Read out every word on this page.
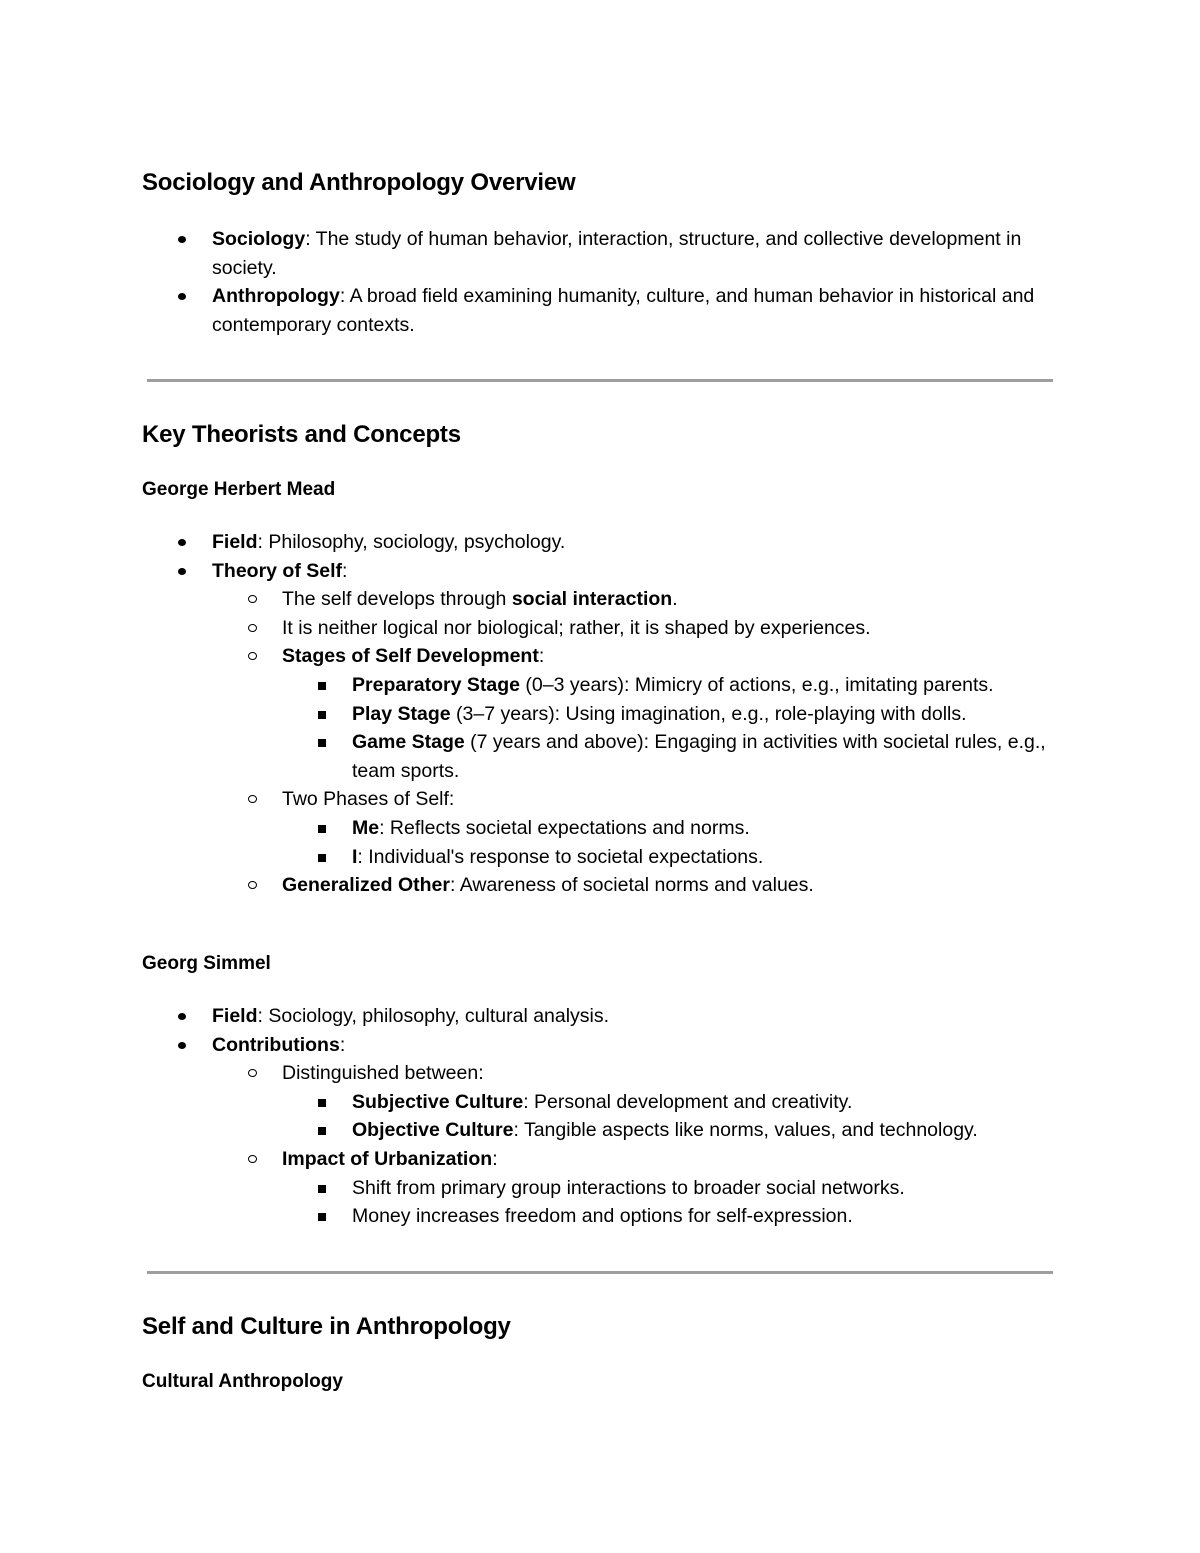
Sociology and Anthropology Overview
Sociology: The study of human behavior, interaction, structure, and collective development in society.
Anthropology: A broad field examining humanity, culture, and human behavior in historical and contemporary contexts.
Key Theorists and Concepts
George Herbert Mead
Field: Philosophy, sociology, psychology.
Theory of Self:
The self develops through social interaction.
It is neither logical nor biological; rather, it is shaped by experiences.
Stages of Self Development:
Preparatory Stage (0–3 years): Mimicry of actions, e.g., imitating parents.
Play Stage (3–7 years): Using imagination, e.g., role-playing with dolls.
Game Stage (7 years and above): Engaging in activities with societal rules, e.g., team sports.
Two Phases of Self:
Me: Reflects societal expectations and norms.
I: Individual's response to societal expectations.
Generalized Other: Awareness of societal norms and values.
Georg Simmel
Field: Sociology, philosophy, cultural analysis.
Contributions:
Distinguished between:
Subjective Culture: Personal development and creativity.
Objective Culture: Tangible aspects like norms, values, and technology.
Impact of Urbanization:
Shift from primary group interactions to broader social networks.
Money increases freedom and options for self-expression.
Self and Culture in Anthropology
Cultural Anthropology
